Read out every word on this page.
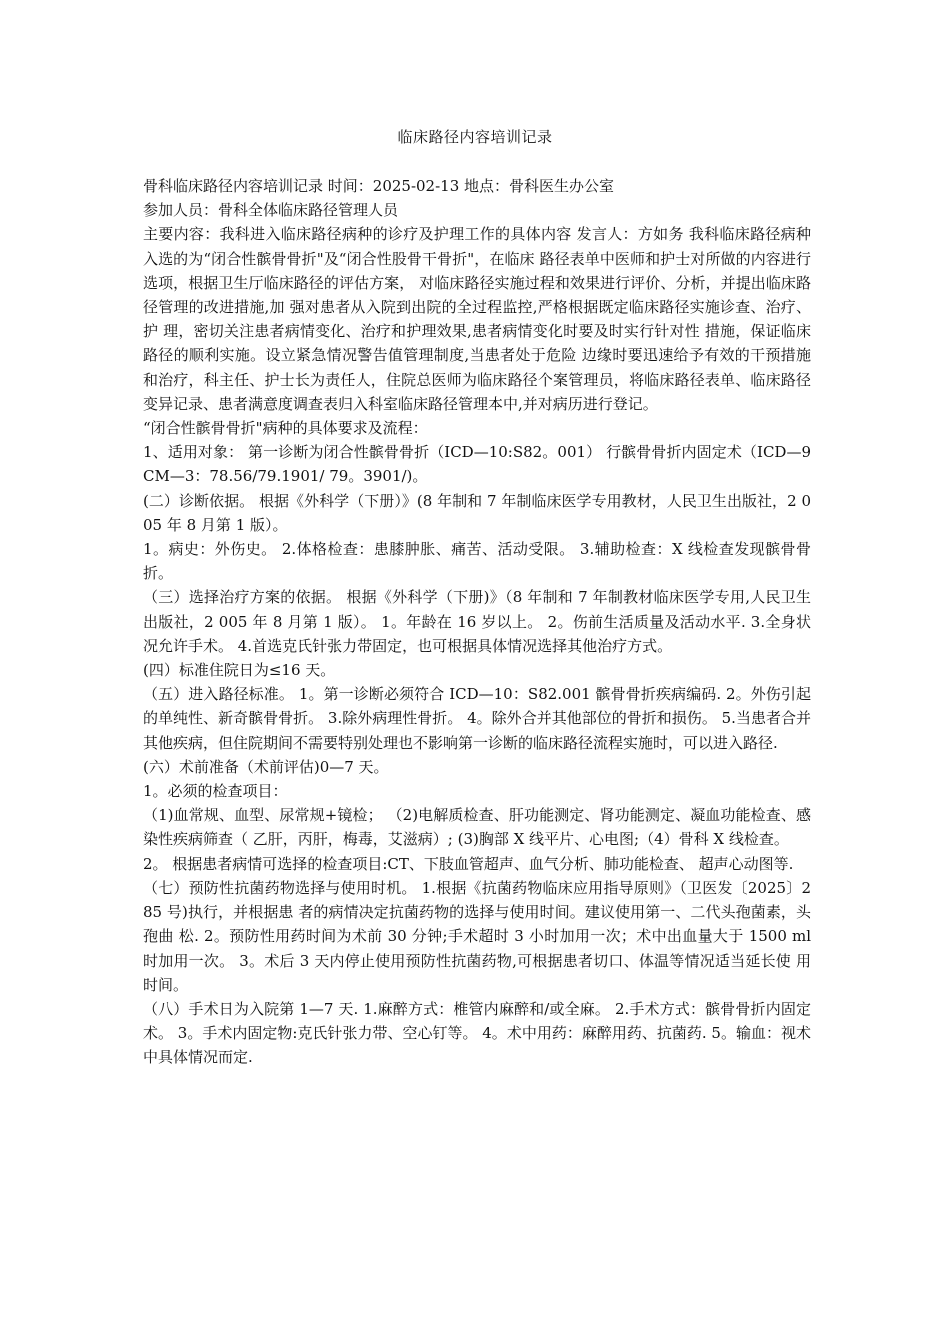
临床路径内容培训记录

骨科临床路径内容培训记录 时间：2025-02-13 地点：骨科医生办公室

参加人员：骨科全体临床路径管理人员

主要内容：我科进入临床路径病种的诊疗及护理工作的具体内容 发言人：方如务 我科临床路径病种入选的为“闭合性髌骨骨折"及“闭合性股骨干骨折"，在临床 路径表单中医师和护士对所做的内容进行选项，根据卫生厅临床路径的评估方案， 对临床路径实施过程和效果进行评价、分析，并提出临床路径管理的改进措施,加 强对患者从入院到出院的全过程监控,严格根据既定临床路径实施诊查、治疗、护 理，密切关注患者病情变化、治疗和护理效果,患者病情变化时要及时实行针对性 措施，保证临床路径的顺利实施。设立紧急情况警告值管理制度,当患者处于危险 边缘时要迅速给予有效的干预措施和治疗，科主任、护士长为责任人，住院总医师为临床路径个案管理员，将临床路径表单、临床路径变异记录、患者满意度调查表归入科室临床路径管理本中,并对病历进行登记。

“闭合性髌骨骨折"病种的具体要求及流程：

1、适用对象： 第一诊断为闭合性髌骨骨折（ICD—10:S82。001） 行髌骨骨折内固定术（ICD—9CM—3：78.56/79.1901/ 79。3901/)。

(二）诊断依据。 根据《外科学（下册）》(8 年制和 7 年制临床医学专用教材，人民卫生出版社，2 005 年 8 月第 1 版）。

1。病史：外伤史。 2.体格检查：患膝肿胀、痛苦、活动受限。 3.辅助检查：X 线检查发现髌骨骨折。

（三）选择治疗方案的依据。 根据《外科学（下册)》（8 年制和 7 年制教材临床医学专用,人民卫生出版社，2 005 年 8 月第 1 版）。 1。年龄在 16 岁以上。 2。伤前生活质量及活动水平. 3.全身状况允许手术。 4.首选克氏针张力带固定，也可根据具体情况选择其他治疗方式。

(四）标准住院日为≤16 天。

（五）进入路径标准。 1。第一诊断必须符合 ICD—10：S82.001 髌骨骨折疾病编码. 2。外伤引起的单纯性、新奇髌骨骨折。 3.除外病理性骨折。 4。除外合并其他部位的骨折和损伤。 5.当患者合并其他疾病，但住院期间不需要特别处理也不影响第一诊断的临床路径流程实施时，可以进入路径.

(六）术前准备（术前评估)0—7 天。

1。必须的检查项目：

（1)血常规、血型、尿常规+镜检； （2)电解质检查、肝功能测定、肾功能测定、凝血功能检查、感染性疾病筛查（ 乙肝，丙肝，梅毒，艾滋病）; (3)胸部 X 线平片、心电图;（4）骨科 X 线检查。

2。 根据患者病情可选择的检查项目:CT、下肢血管超声、血气分析、肺功能检查、 超声心动图等.

（七）预防性抗菌药物选择与使用时机。 1.根据《抗菌药物临床应用指导原则》（卫医发〔2025〕285 号)执行，并根据患 者的病情决定抗菌药物的选择与使用时间。建议使用第一、二代头孢菌素，头孢曲 松. 2。预防性用药时间为术前 30 分钟;手术超时 3 小时加用一次；术中出血量大于 1500 ml 时加用一次。 3。术后 3 天内停止使用预防性抗菌药物,可根据患者切口、体温等情况适当延长使 用时间。

（八）手术日为入院第 1—7 天. 1.麻醉方式：椎管内麻醉和/或全麻。 2.手术方式：髌骨骨折内固定术。 3。手术内固定物:克氏针张力带、空心钉等。 4。术中用药：麻醉用药、抗菌药. 5。输血：视术中具体情况而定.
